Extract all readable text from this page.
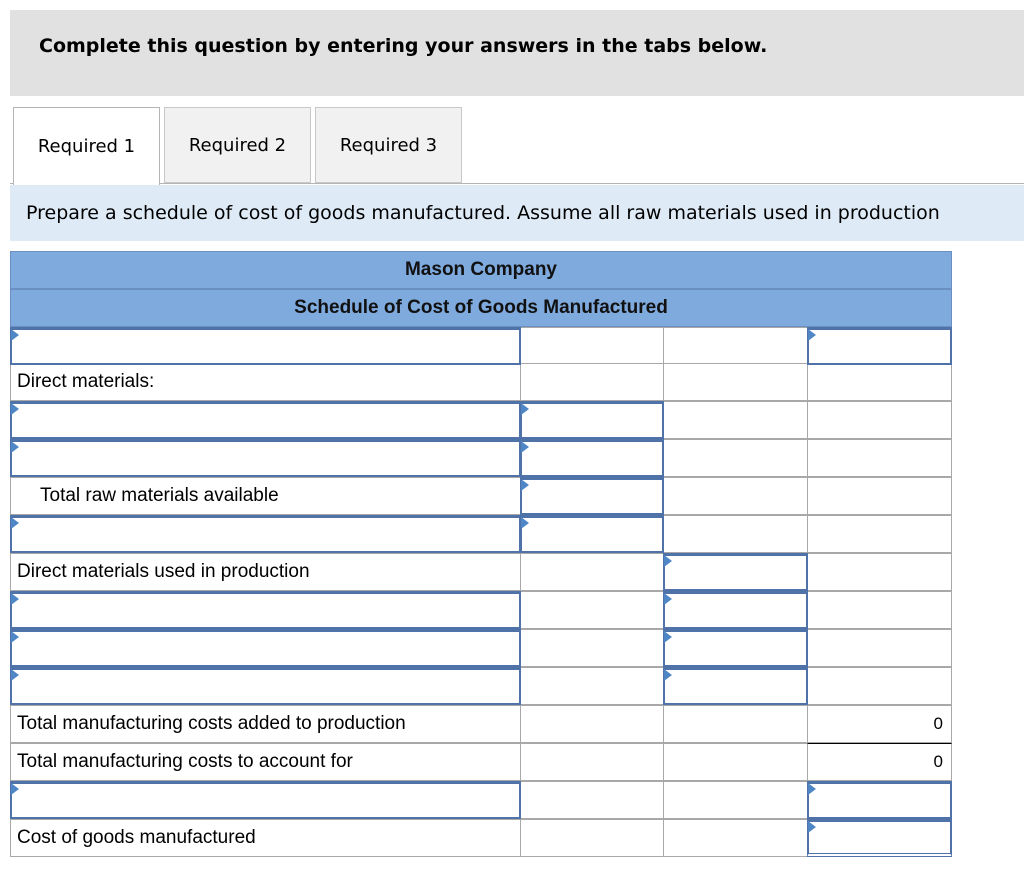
Complete this question by entering your answers in the tabs below.
Required 1	Required 2	Required 3
Prepare a schedule of cost of goods manufactured. Assume all raw materials used in production
Mason Company
Schedule of Cost of Goods Manufactured
Direct materials:
Total raw materials available
Direct materials used in production
Total manufacturing costs added to production	0
Total manufacturing costs to account for	0
Cost of goods manufactured
